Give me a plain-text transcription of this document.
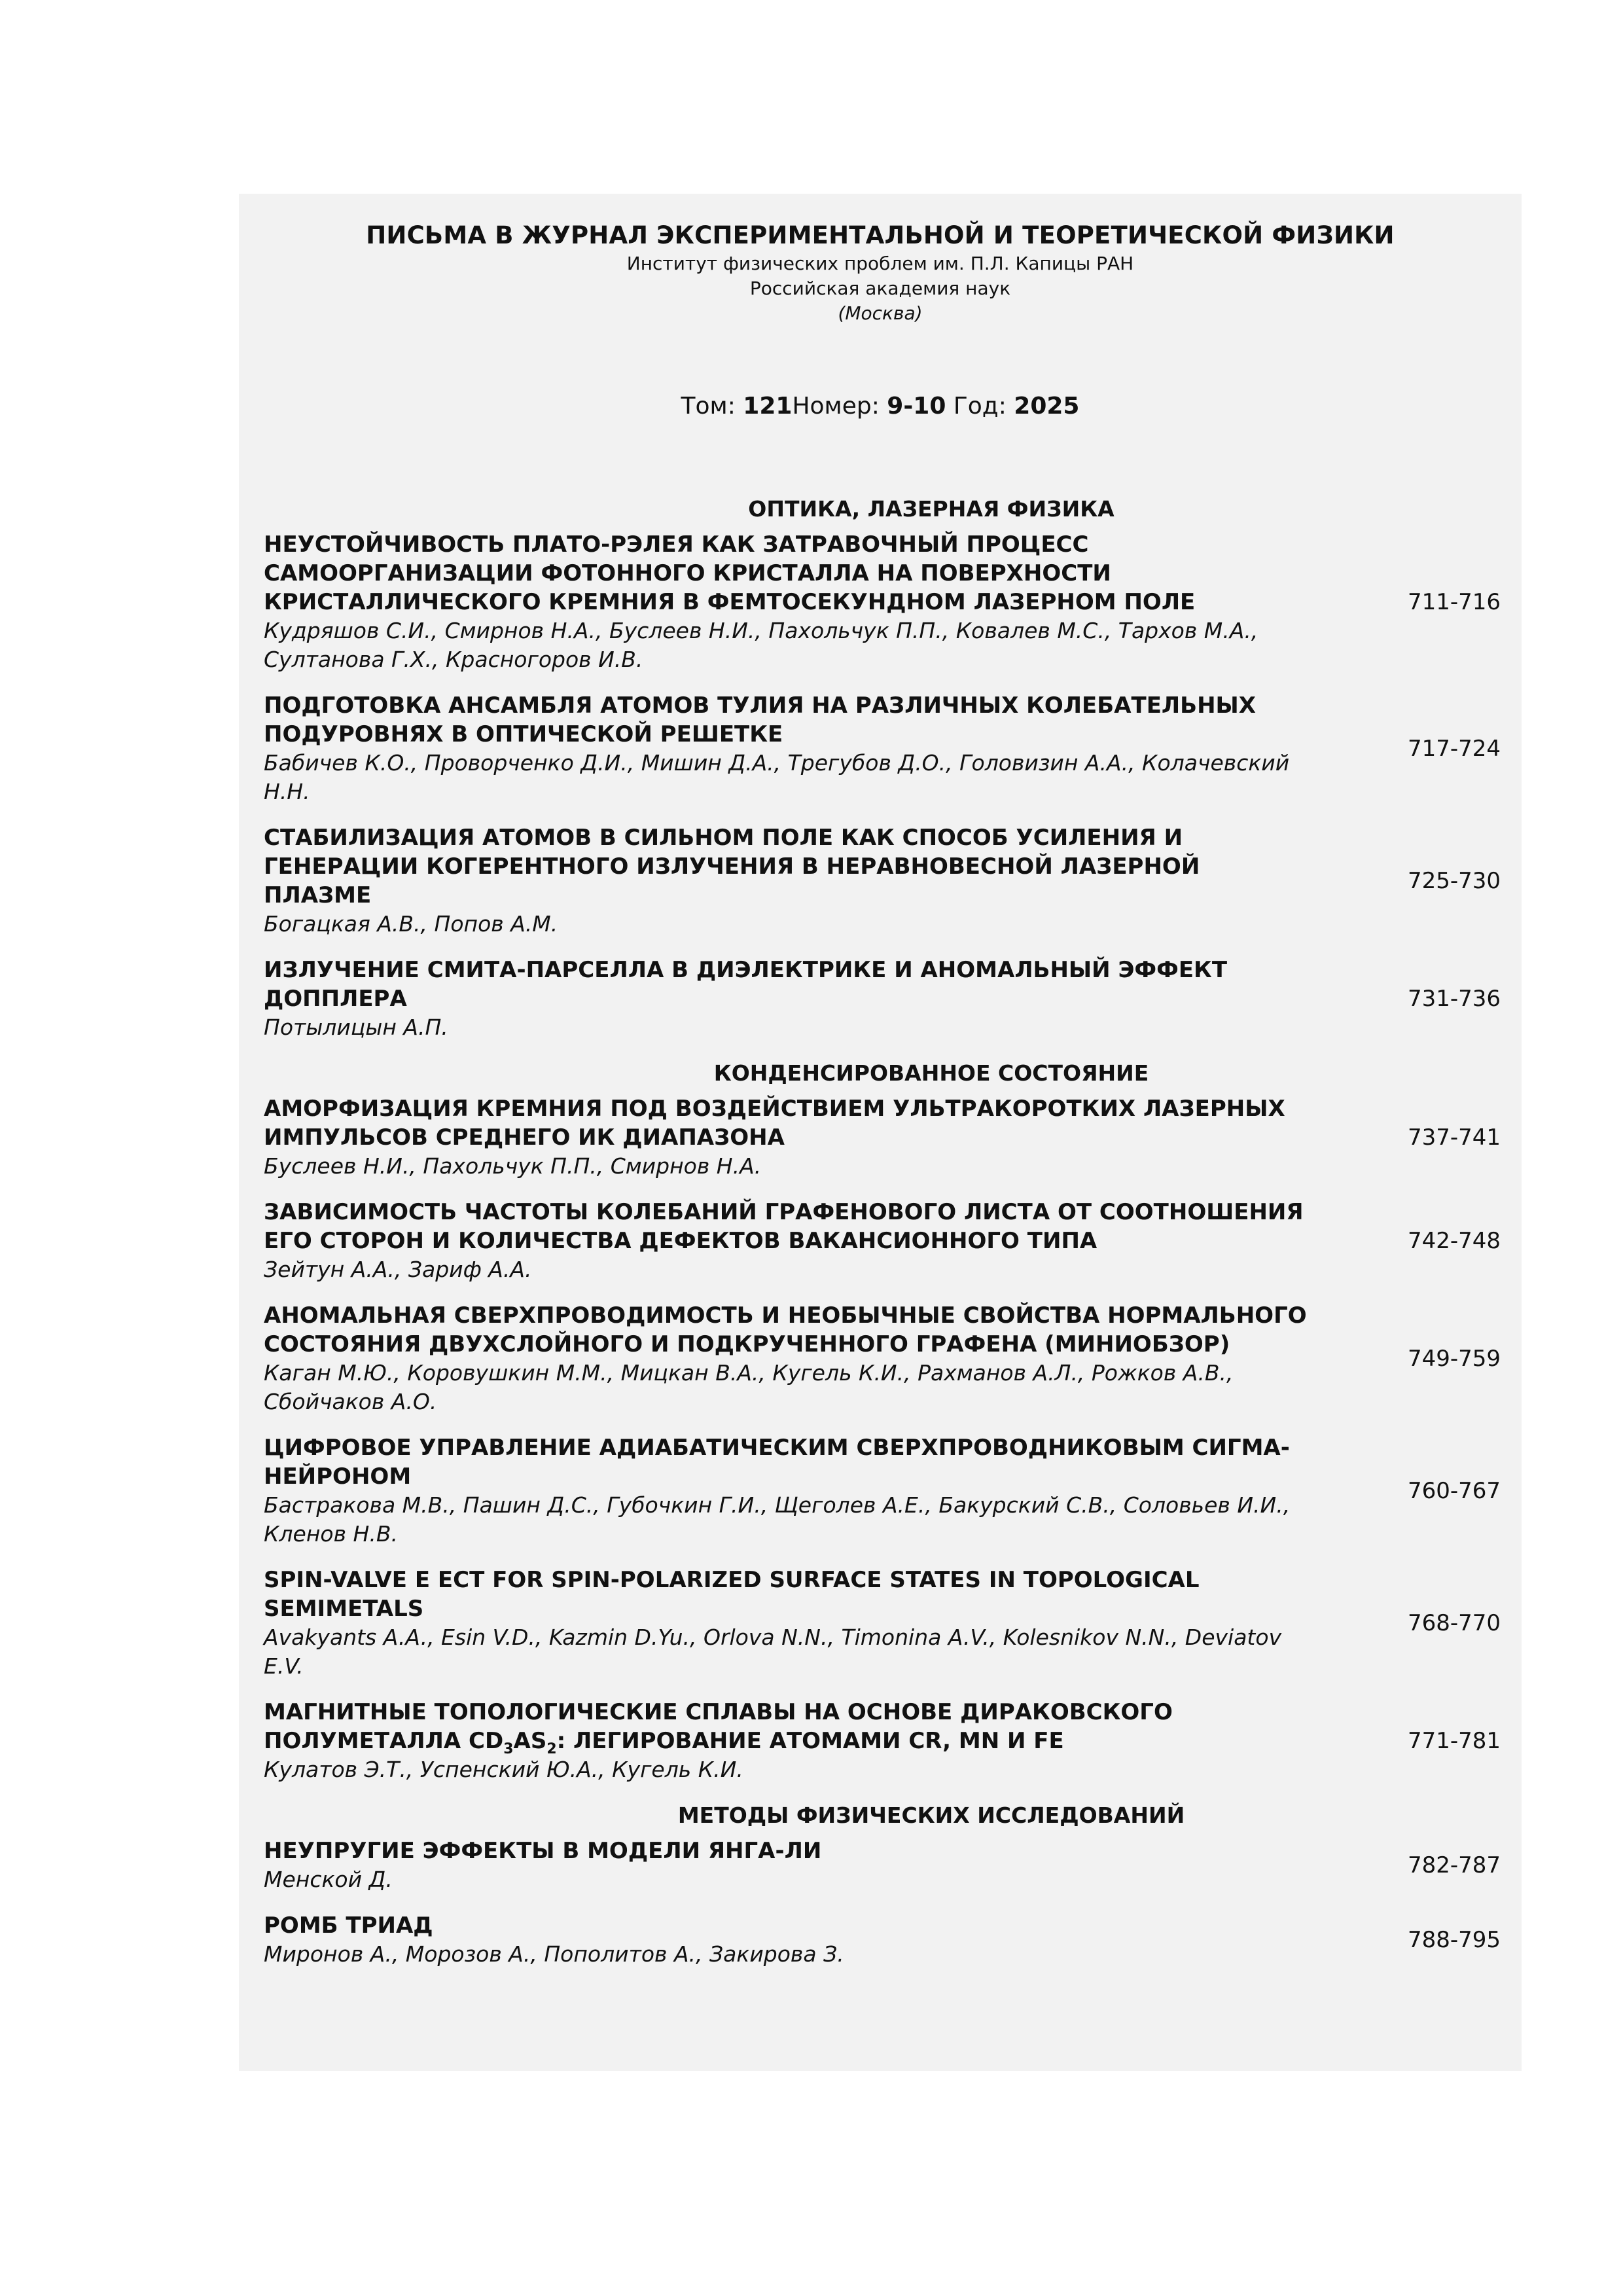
ПИСЬМА В ЖУРНАЛ ЭКСПЕРИМЕНТАЛЬНОЙ И ТЕОРЕТИЧЕСКОЙ ФИЗИКИ
Институт физических проблем им. П.Л. Капицы РАН
Российская академия наук
(Москва)
Том: 121Номер: 9-10 Год: 2025
ОПТИКА, ЛАЗЕРНАЯ ФИЗИКА
НЕУСТОЙЧИВОСТЬ ПЛАТО-РЭЛЕЯ КАК ЗАТРАВОЧНЫЙ ПРОЦЕСС САМООРГАНИЗАЦИИ ФОТОННОГО КРИСТАЛЛА НА ПОВЕРХНОСТИ КРИСТАЛЛИЧЕСКОГО КРЕМНИЯ В ФЕМТОСЕКУНДНОМ ЛАЗЕРНОМ ПОЛЕ
Кудряшов С.И., Смирнов Н.А., Буслеев Н.И., Пахольчук П.П., Ковалев М.С., Тархов М.А., Султанова Г.Х., Красногоров И.В.
711-716
ПОДГОТОВКА АНСАМБЛЯ АТОМОВ ТУЛИЯ НА РАЗЛИЧНЫХ КОЛЕБАТЕЛЬНЫХ ПОДУРОВНЯХ В ОПТИЧЕСКОЙ РЕШЕТКЕ
Бабичев К.О., Проворченко Д.И., Мишин Д.А., Трегубов Д.О., Головизин А.А., Колачевский Н.Н.
717-724
СТАБИЛИЗАЦИЯ АТОМОВ В СИЛЬНОМ ПОЛЕ КАК СПОСОБ УСИЛЕНИЯ И ГЕНЕРАЦИИ КОГЕРЕНТНОГО ИЗЛУЧЕНИЯ В НЕРАВНОВЕСНОЙ ЛАЗЕРНОЙ ПЛАЗМЕ
Богацкая А.В., Попов А.М.
725-730
ИЗЛУЧЕНИЕ СМИТА-ПАРСЕЛЛА В ДИЭЛЕКТРИКЕ И АНОМАЛЬНЫЙ ЭФФЕКТ ДОППЛЕРА
Потылицын А.П.
731-736
КОНДЕНСИРОВАННОЕ СОСТОЯНИЕ
АМОРФИЗАЦИЯ КРЕМНИЯ ПОД ВОЗДЕЙСТВИЕМ УЛЬТРАКОРОТКИХ ЛАЗЕРНЫХ ИМПУЛЬСОВ СРЕДНЕГО ИК ДИАПАЗОНА
Буслеев Н.И., Пахольчук П.П., Смирнов Н.А.
737-741
ЗАВИСИМОСТЬ ЧАСТОТЫ КОЛЕБАНИЙ ГРАФЕНОВОГО ЛИСТА ОТ СООТНОШЕНИЯ ЕГО СТОРОН И КОЛИЧЕСТВА ДЕФЕКТОВ ВАКАНСИОННОГО ТИПА
Зейтун А.А., Зариф А.А.
742-748
АНОМАЛЬНАЯ СВЕРХПРОВОДИМОСТЬ И НЕОБЫЧНЫЕ СВОЙСТВА НОРМАЛЬНОГО СОСТОЯНИЯ ДВУХСЛОЙНОГО И ПОДКРУЧЕННОГО ГРАФЕНА (МИНИОБЗОР)
Каган М.Ю., Коровушкин М.М., Мицкан В.А., Кугель К.И., Рахманов А.Л., Рожков А.В., Сбойчаков А.О.
749-759
ЦИФРОВОЕ УПРАВЛЕНИЕ АДИАБАТИЧЕСКИМ СВЕРХПРОВОДНИКОВЫМ СИГМА-НЕЙРОНОМ
Бастракова М.В., Пашин Д.С., Губочкин Г.И., Щеголев А.Е., Бакурский С.В., Соловьев И.И., Кленов Н.В.
760-767
SPIN-VALVE E ECT FOR SPIN-POLARIZED SURFACE STATES IN TOPOLOGICAL SEMIMETALS
Avakyants A.A., Esin V.D., Kazmin D.Yu., Orlova N.N., Timonina A.V., Kolesnikov N.N., Deviatov E.V.
768-770
МАГНИТНЫЕ ТОПОЛОГИЧЕСКИЕ СПЛАВЫ НА ОСНОВЕ ДИРАКОВСКОГО ПОЛУМЕТАЛЛА $CD_3AS_2$: ЛЕГИРОВАНИЕ АТОМАМИ CR, MN И FE
Кулатов Э.Т., Успенский Ю.А., Кугель К.И.
771-781
МЕТОДЫ ФИЗИЧЕСКИХ ИССЛЕДОВАНИЙ
НЕУПРУГИЕ ЭФФЕКТЫ В МОДЕЛИ ЯНГА-ЛИ
Менской Д.
782-787
РОМБ ТРИАД
Миронов А., Морозов А., Пополитов А., Закирова З.
788-795
